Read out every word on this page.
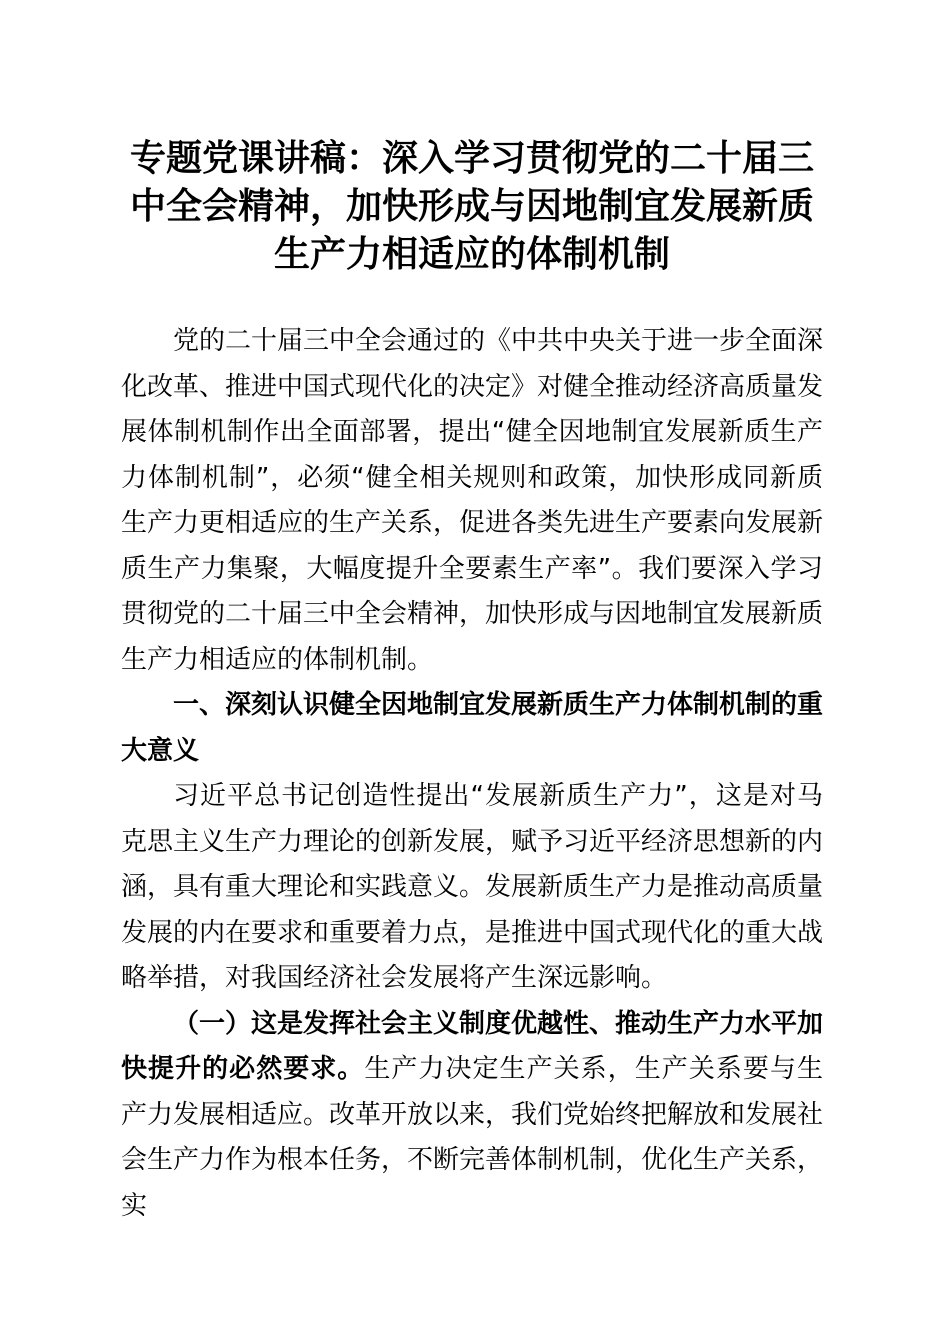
专题党课讲稿：深入学习贯彻党的二十届三中全会精神，加快形成与因地制宜发展新质生产力相适应的体制机制

党的二十届三中全会通过的《中共中央关于进一步全面深化改革、推进中国式现代化的决定》对健全推动经济高质量发展体制机制作出全面部署，提出“健全因地制宜发展新质生产力体制机制”，必须“健全相关规则和政策，加快形成同新质生产力更相适应的生产关系，促进各类先进生产要素向发展新质生产力集聚，大幅度提升全要素生产率”。我们要深入学习贯彻党的二十届三中全会精神，加快形成与因地制宜发展新质生产力相适应的体制机制。

一、深刻认识健全因地制宜发展新质生产力体制机制的重大意义

习近平总书记创造性提出“发展新质生产力”，这是对马克思主义生产力理论的创新发展，赋予习近平经济思想新的内涵，具有重大理论和实践意义。发展新质生产力是推动高质量发展的内在要求和重要着力点，是推进中国式现代化的重大战略举措，对我国经济社会发展将产生深远影响。

（一）这是发挥社会主义制度优越性、推动生产力水平加快提升的必然要求。生产力决定生产关系，生产关系要与生产力发展相适应。改革开放以来，我们党始终把解放和发展社会生产力作为根本任务，不断完善体制机制，优化生产关系，实
